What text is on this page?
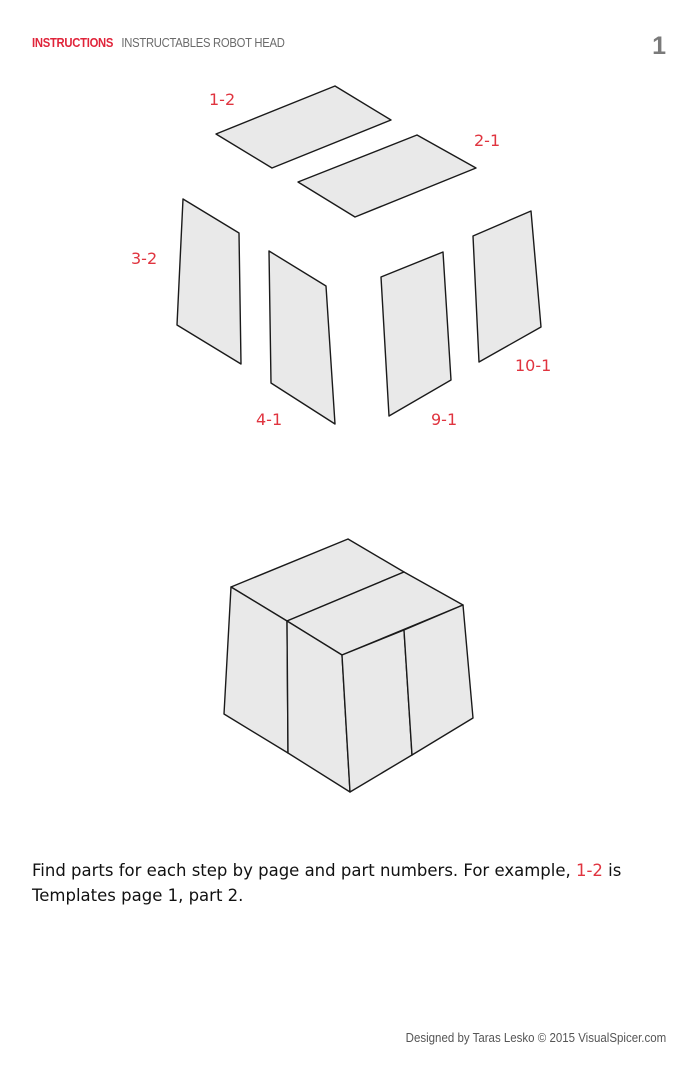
INSTRUCTIONS INSTRUCTABLES ROBOT HEAD	1
1-2
2-1
3-2
4-1	9-1
10-1
Find parts for each step by page and part numbers. For example, 1-2 is Templates page 1, part 2.
Designed by Taras Lesko © 2015 VisualSpicer.com
